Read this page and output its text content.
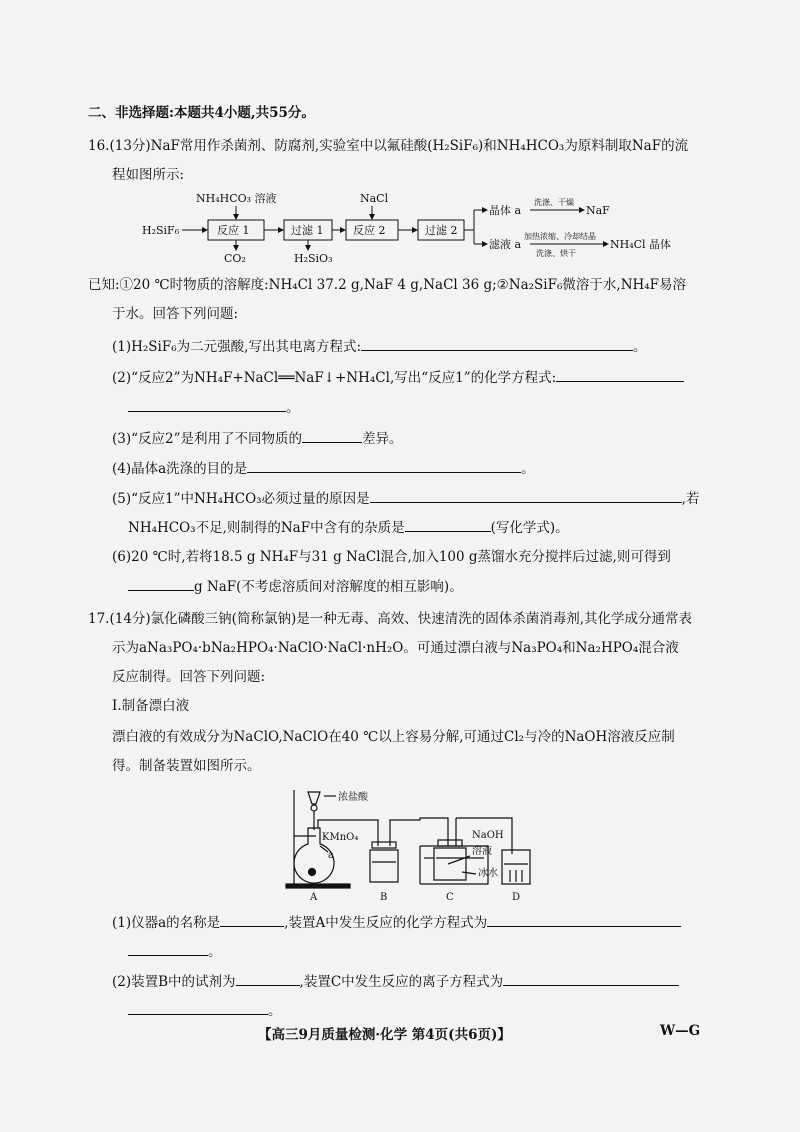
二、非选择题:本题共4小题,共55分。
16.(13分)NaF常用作杀菌剂、防腐剂,实验室中以氟硅酸(H₂SiF₆)和NH₄HCO₃为原料制取NaF的流
程如图所示:
H₂SiF₆
NH₄HCO₃ 溶液	NaCl
反应 1	过滤 1	反应 2	过滤 2
CO₂	H₂SiO₃
晶体 a	NaF
滤液 a	NH₄Cl 晶体
洗涤、干燥
加热浓缩、冷却结晶
洗涤、烘干
已知:①20 ℃时物质的溶解度:NH₄Cl 37.2 g,NaF 4 g,NaCl 36 g;②Na₂SiF₆微溶于水,NH₄F易溶
于水。回答下列问题:
(1)H₂SiF₆为二元强酸,写出其电离方程式:	。
(2)“反应2”为NH₄F+NaCl══NaF↓+NH₄Cl,写出“反应1”的化学方程式:
。
(3)“反应2”是利用了不同物质的	差异。
(4)晶体a洗涤的目的是	。
(5)“反应1”中NH₄HCO₃必须过量的原因是	,若
NH₄HCO₃不足,则制得的NaF中含有的杂质是	(写化学式)。
(6)20 ℃时,若将18.5 g NH₄F与31 g NaCl混合,加入100 g蒸馏水充分搅拌后过滤,则可得到
g NaF(不考虑溶质间对溶解度的相互影响)。
17.(14分)氯化磷酸三钠(简称氯钠)是一种无毒、高效、快速清洗的固体杀菌消毒剂,其化学成分通常表
示为aNa₃PO₄·bNa₂HPO₄·NaClO·NaCl·nH₂O。可通过漂白液与Na₃PO₄和Na₂HPO₄混合液
反应制得。回答下列问题:
Ⅰ.制备漂白液
漂白液的有效成分为NaClO,NaClO在40 ℃以上容易分解,可通过Cl₂与冷的NaOH溶液反应制
得。制备装置如图所示。
浓盐酸
KMnO₄
a
NaOH
溶液
冰水
A	B	C	D
(1)仪器a的名称是	,装置A中发生反应的化学方程式为
。
(2)装置B中的试剂为	,装置C中发生反应的离子方程式为
。
【高三9月质量检测·化学 第4页(共6页)】	W—G
